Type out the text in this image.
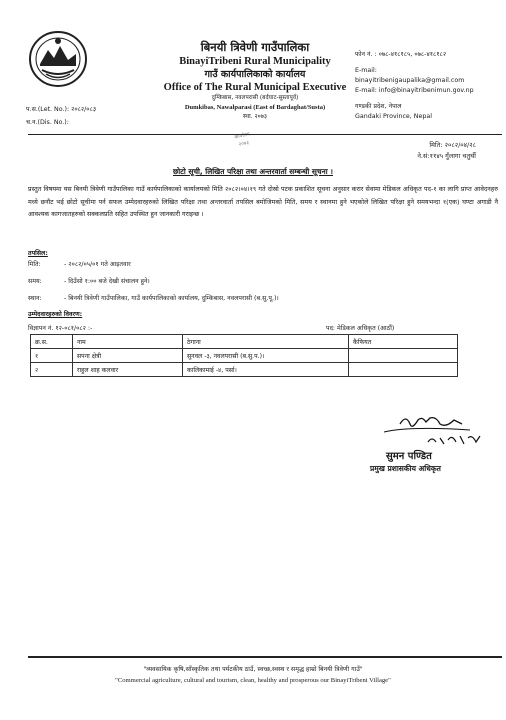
बिनयी त्रिवेणी गाउँपालिका
BinayiTribeni Rural Municipality
गाउँ कार्यपालिकाको कार्यालय
Office of The Rural Municipal Executive
दुम्किबास, नवलपरासी (बर्दघाट-सुस्तापूर्व)
Dumkibas, Nawalparasi (East of Bardaghat/Susta)
स्था. २०७३
फोन नं. : ०७८-४१८१८५, ०७८-४१८१८२
E-mail:
binayitribenigaupalika@gmail.com
E-mail: info@binayitribenimun.gov.np
गण्डकी प्रदेश, नेपाल
Gandaki Province, Nepal
प.स.(Let. No.): २०८२/०८३
च.न.(Dis. No.):
कार्यालय
२०७३	मिति: २०८२/०४/२८
ने.सं:११४५ गुँलागा चतुर्थी
छोटो सूची, लिखित परिक्षा तथा अन्तरवार्ता सम्बन्धी सूचना ।
प्रस्तुत विषयमा यस बिनयी त्रिवेणी गाउँपालिका गाउँ कार्यपालिकाको कार्यालयको मिति २०८२।०४।१९ गते दोस्रो पटक प्रकाशित सूचना अनुसार करार सेवामा मेडिकल अधिकृत पद-१ का लागि प्राप्त आवेदनहरु मध्ये छनौट भई छोटो सूचीमा पर्न सफल उम्मेदवारहरुको लिखित परिक्षा तथा अन्तरवार्ता तपसिल बमोजिमको मिति, समय र स्थानमा हुने भएकोले लिखित परिक्षा हुने समयभन्दा १(एक) घण्टा अगाडी नै आवश्यक कागजातहरुको सक्कलप्रति सहित उपस्थित हुन जानकारी गराइन्छ ।
तपसिल:
मिति:	- २०८२/०५/०१ गते आइतवार
समय:	- दिउँसो १:०० बजे देखी संचालन हुने।
स्थान:	- बिनयी त्रिवेणी गाउँपालिका, गाउँ कार्यपालिकाको कार्यालय, दुम्किबास, नवलपरासी (ब.सु.पू.)।
उम्मेदवारहरुको विवरण:
विज्ञापन नं. १२-०८१/०८२ :-	पद: मेडिकल अधिकृत (आठौं)
क्र.स.	नाम	ठेगाना	कैफियत
१	सपना क्षेत्री	सुनवल -३, नवलपरासी (ब.सु.प.)।	
२	राहुल शाह कलवार	कालिकामाई -४, पर्सा।	
सुमन पण्डित
प्रमुख प्रशासकीय अधिकृत
"व्यवसायिक कृषि,साँस्कृतिक तथा पर्यटकीय ठाउँ, स्वच्छ,स्वस्थ र समृद्ध हाम्रो बिनयी त्रिवेणी गाउँ"
"Commercial agriculture, cultural and tourism, clean, healthy and prosperous our BinayiTribeni Village"
